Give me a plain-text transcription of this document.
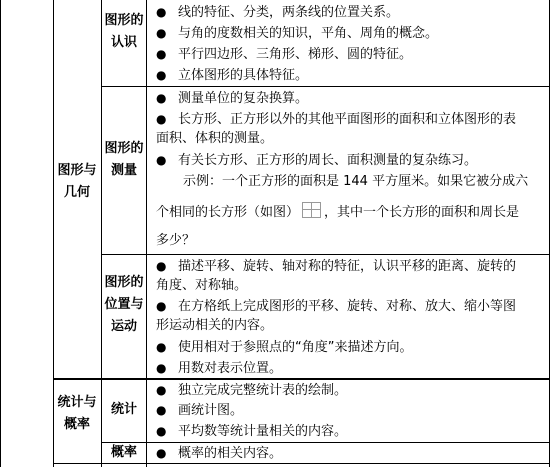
图形与几何
统计与概率
图形的认识
图形的测量
图形的位置与运动
统计
概率
● 线的特征、分类，两条线的位置关系。
● 与角的度数相关的知识，平角、周角的概念。
● 平行四边形、三角形、梯形、圆的特征。
● 立体图形的具体特征。
● 测量单位的复杂换算。
● 长方形、正方形以外的其他平面图形的面积和立体图形的表
面积、体积的测量。
● 有关长方形、正方形的周长、面积测量的复杂练习。
示例：一个正方形的面积是 144 平方厘米。如果它被分成六
个相同的长方形（如图） ，其中一个长方形的面积和周长是
多少？
● 描述平移、旋转、轴对称的特征，认识平移的距离、旋转的
角度、对称轴。
● 在方格纸上完成图形的平移、旋转、对称、放大、缩小等图
形运动相关的内容。
● 使用相对于参照点的“角度”来描述方向。
● 用数对表示位置。
● 独立完成完整统计表的绘制。
● 画统计图。
● 平均数等统计量相关的内容。
● 概率的相关内容。
